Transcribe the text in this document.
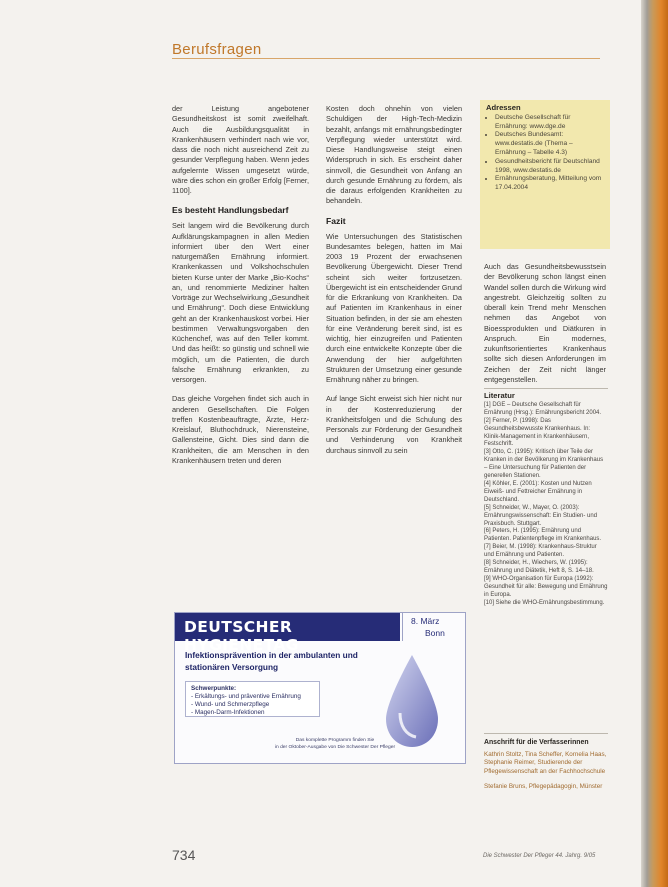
Berufsfragen

der Leistung angebotener Gesundheitskost ist somit zweifelhaft. Auch die Ausbildungsqualität in Krankenhäusern verhindert nach wie vor, dass die noch nicht ausreichend Zeit zu gesunder Verpflegung haben. Wenn jedes aufgelernte Wissen umgesetzt würde, wäre dies schon ein großer Erfolg [Ferner, 1100].

Es besteht Handlungsbedarf

Seit langem wird die Bevölkerung durch Aufklärungskampagnen in allen Medien informiert über den Wert einer naturgemäßen Ernährung informiert. Krankenkassen und Volkshochschulen bieten Kurse unter der Marke „Bio-Kochs“ an, und renommierte Mediziner halten Vorträge zur Wechselwirkung „Gesundheit und Ernährung“. Doch diese Entwicklung geht an der Krankenhauskost vorbei. Hier bestimmen Verwaltungsvorgaben den Küchenchef, was auf den Teller kommt. Und das heißt: so günstig und schnell wie möglich, um die Patienten, die durch falsche Ernährung erkrankten, zu versorgen.

Das gleiche Vorgehen findet sich auch in anderen Gesellschaften. Die Folgen treffen Kostenbeauftragte, Ärzte, Herz-Kreislauf, Bluthochdruck, Nierensteine, Gallensteine, Gicht. Dies sind dann die Krankheiten, die am Menschen in den Krankenhäusern treten und deren

Kosten doch ohnehin von vielen Schuldigen der High-Tech-Medizin bezahlt, anfangs mit ernährungsbedingter Verpflegung wieder unterstützt wird. Diese Handlungsweise steigt einen Widerspruch in sich. Es erscheint daher sinnvoll, die Gesundheit von Anfang an durch gesunde Ernährung zu fördern, als die daraus erfolgenden Krankheiten zu behandeln.

Fazit

Wie Untersuchungen des Statistischen Bundesamtes belegen, hatten im Mai 2003 19 Prozent der erwachsenen Bevölkerung Übergewicht. Dieser Trend scheint sich weiter fortzusetzen. Übergewicht ist ein entscheidender Grund für die Erkrankung von Krankheiten. Da auf Patienten im Krankenhaus in einer Situation befinden, in der sie am ehesten für eine Veränderung bereit sind, ist es wichtig, hier einzugreifen und Patienten durch eine entwickelte Konzepte über die Anwendung der hier aufgeführten Strukturen der Umsetzung einer gesunde Ernährung näher zu bringen.

Auf lange Sicht erweist sich hier nicht nur in der Kostenreduzierung der Krankheitsfolgen und die Schulung des Personals zur Förderung der Gesundheit und Verhinderung von Krankheit durchaus sinnvoll zu sein

Adressen
• Deutsche Gesellschaft für Ernährung: www.dge.de
• Deutsches Bundesamt: www.destatis.de (Thema – Ernährung – Tabelle 4.3)
• Gesundheitsbericht für Deutschland 1998, www.destatis.de
• Ernährungsberatung, Mitteilung vom 17.04.2004

Auch das Gesundheitsbewusstsein der Bevölkerung schon längst einen Wandel sollen durch die Wirkung wird angestrebt. Gleichzeitig sollten zu überall kein Trend mehr Menschen nehmen das Angebot von Bioessprodukten und Diätkuren in Anspruch. Ein modernes, zukunftsorientiertes Krankenhaus sollte sich diesen Anforderungen im Zeichen der Zeit nicht länger entgegenstellen.

Literatur

[1] DGE – Deutsche Gesellschaft für Ernährung (Hrsg.): Ernährungsbericht 2004.

[2] Ferner, P. (1998): Das Gesundheitsbewusste Krankenhaus. In: Klinik-Management in Krankenhäusern, Festschrift.

[3] Otto, C. (1995): Kritisch über Teile der Kranken in der Bevölkerung im Krankenhaus – Eine Untersuchung für Patienten der generellen Stationen.

[4] Köhler, E. (2001): Kosten und Nutzen Eiweiß- und Fettreicher Ernährung in Deutschland.

[5] Schneider, W., Mayer, O. (2003): Ernährungswissenschaft: Ein Studien- und Praxisbuch. Stuttgart.

[6] Peters, H. (1995): Ernährung und Patienten. Patientenpflege im Krankenhaus.

[7] Beier, M. (1998): Krankenhaus-Struktur und Ernährung und Patienten.

[8] Schneider, H., Wiechers, W. (1995): Ernährung und Diätetik, Heft 8, S. 14–18.

[9] WHO-Organisation für Europa (1992): Gesundheit für alle: Bewegung und Ernährung in Europa.

[10] Siehe die WHO-Ernährungsbestimmung.

Anschrift für die Verfasserinnen

Kathrin Stoltz, Tina Scheffer, Kornelia Haas, Stephanie Reimer, Studierende der Pflegewissenschaft an der Fachhochschule

Stefanie Bruns, Pflegepädagogin, Münster

DEUTSCHER HYGIENETAG
8. März
Bonn
Infektionsprävention in der ambulanten und stationären Versorgung
Schwerpunkte:
- Erkältungs- und präventive Ernährung
- Wund- und Schmerzpflege
- Magen-Darm-Infektionen
Das komplette Programm finden Sie
in der Oktober-Ausgabe von Die Schwester Der Pfleger
734	Die Schwester Der Pfleger 44. Jahrg. 9/05
